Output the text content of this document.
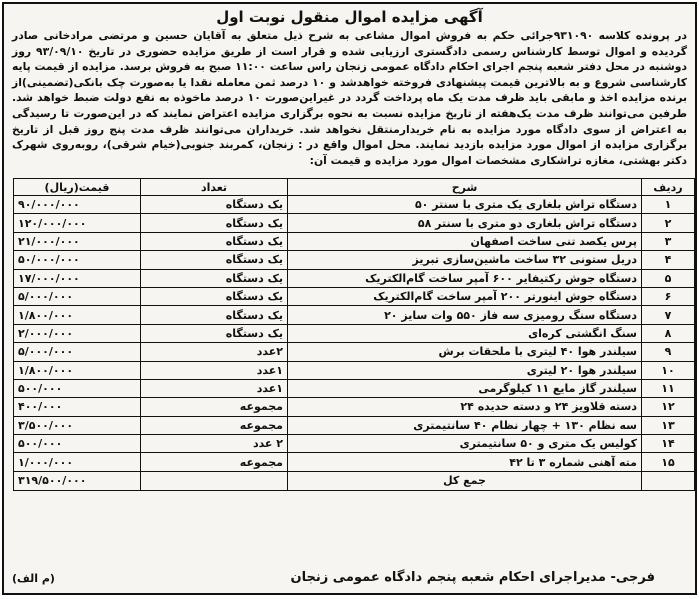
آگهی مزایده اموال منقول نوبت اول

در پرونده کلاسه ۹۳۱۰۹۰جرائی حکم به فروش اموال مشاعی به شرح ذیل متعلق به آقایان حسین و مرتضی مرادخانی صادر گردیده و اموال توسط کارشناس رسمی دادگستری ارزیابی شده و قرار است از طریق مزایده حضوری در تاریخ ۹۳/۰۹/۱۰ روز دوشنبه در محل دفتر شعبه پنجم اجرای احکام دادگاه عمومی زنجان راس ساعت ۱۱:۰۰ صبح به فروش برسد. مزایده از قیمت پایه کارشناسی شروع و به بالاترین قیمت پیشنهادی فروخته خواهدشد و ۱۰ درصد ثمن معامله نقدا یا به‌صورت چک بانکی(تضمینی)از برنده مزایده اخذ و مابقی باید ظرف مدت یک ماه پرداخت گردد در غیراین‌صورت ۱۰ درصد ماخوذه به نفع دولت ضبط خواهد شد. طرفین می‌توانند ظرف مدت یک‌هفته از تاریخ مزایده نسبت به نحوه برگزاری مزایده اعتراض نمایند که در این‌صورت تا رسیدگی به اعتراض از سوی دادگاه مورد مزایده به نام خریدارمنتقل نخواهد شد. خریداران می‌توانند ظرف مدت پنج روز قبل از تاریخ برگزاری مزایده از اموال مورد مزایده بازدید نمایند. محل اموال واقع در : زنجان، کمربند جنوبی(خیام شرقی)، روبه‌روی شهرک دکتر بهشتی، مغازه تراشکاری مشخصات اموال مورد مزایده و قیمت آن:

ردیف	شرح	تعداد	قیمت(ریال)
۱	دستگاه تراش بلغاری یک متری با سنتر ۵۰	یک دستگاه	۹۰/۰۰۰/۰۰۰
۲	دستگاه تراش بلغاری دو متری با سنتر ۵۸	یک دستگاه	۱۲۰/۰۰۰/۰۰۰
۳	پرس یکصد تنی ساخت اصفهان	یک دستگاه	۲۱/۰۰۰/۰۰۰
۴	دریل ستونی ۳۲ ساخت ماشین‌سازی تبریز	یک دستگاه	۵۰/۰۰۰/۰۰۰
۵	دستگاه جوش رکتیفایر ۶۰۰ آمپر ساخت گام‌الکتریک	یک دستگاه	۱۷/۰۰۰/۰۰۰
۶	دستگاه جوش اینورتر ۲۰۰ آمپر ساخت گام‌الکتریک	یک دستگاه	۵/۰۰۰/۰۰۰
۷	دستگاه سنگ رومیزی سه فاز ۵۵۰ وات سایز ۲۰	یک دستگاه	۱/۸۰۰/۰۰۰
۸	سنگ انگشتی کره‌ای	یک دستگاه	۲/۰۰۰/۰۰۰
۹	سیلندر هوا ۴۰ لیتری با ملحقات برش	۲عدد	۵/۰۰۰/۰۰۰
۱۰	سیلندر هوا ۲۰ لیتری	۱عدد	۱/۸۰۰/۰۰۰
۱۱	سیلندر گاز مایع ۱۱ کیلوگرمی	۱عدد	۵۰۰/۰۰۰
۱۲	دسته قلاویز ۲۴ و دسته حدیده ۲۴	مجموعه	۴۰۰/۰۰۰
۱۳	سه نظام ۱۳۰ + چهار نظام ۴۰ سانتیمتری	مجموعه	۳/۵۰۰/۰۰۰
۱۴	کولیس یک متری و ۵۰ سانتیمتری	۲ عدد	۵۰۰/۰۰۰
۱۵	مته آهنی شماره ۳ تا ۴۲	مجموعه	۱/۰۰۰/۰۰۰
	جمع کل		۳۱۹/۵۰۰/۰۰۰
فرجی- مدیراجرای احکام شعبه پنجم دادگاه عمومی زنجان
(م الف)
